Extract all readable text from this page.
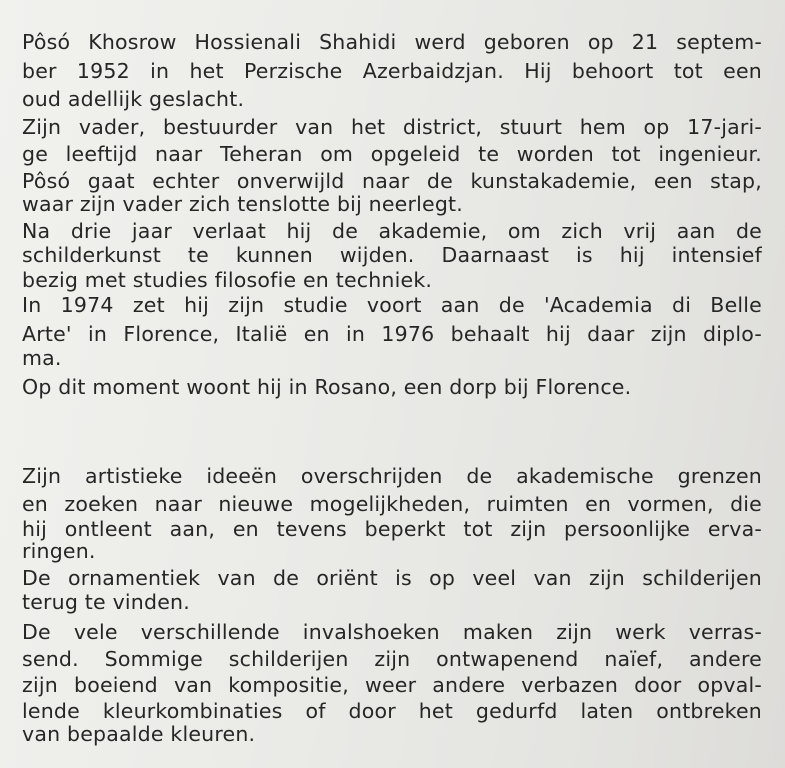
Pôsó Khosrow Hossienali Shahidi werd geboren op 21 septem-
ber 1952 in het Perzische Azerbaidzjan. Hij behoort tot een
oud adellijk geslacht.
Zijn vader, bestuurder van het district, stuurt hem op 17-jari-
ge leeftijd naar Teheran om opgeleid te worden tot ingenieur.
Pôsó gaat echter onverwijld naar de kunstakademie, een stap,
waar zijn vader zich tenslotte bij neerlegt.
Na drie jaar verlaat hij de akademie, om zich vrij aan de
schilderkunst te kunnen wijden. Daarnaast is hij intensief
bezig met studies filosofie en techniek.
In 1974 zet hij zijn studie voort aan de 'Academia di Belle
Arte' in Florence, Italië en in 1976 behaalt hij daar zijn diplo-
ma.
Op dit moment woont hij in Rosano, een dorp bij Florence.
Zijn artistieke ideeën overschrijden de akademische grenzen
en zoeken naar nieuwe mogelijkheden, ruimten en vormen, die
hij ontleent aan, en tevens beperkt tot zijn persoonlijke erva-
ringen.
De ornamentiek van de oriënt is op veel van zijn schilderijen
terug te vinden.
De vele verschillende invalshoeken maken zijn werk verras-
send. Sommige schilderijen zijn ontwapenend naïef, andere
zijn boeiend van kompositie, weer andere verbazen door opval-
lende kleurkombinaties of door het gedurfd laten ontbreken
van bepaalde kleuren.
